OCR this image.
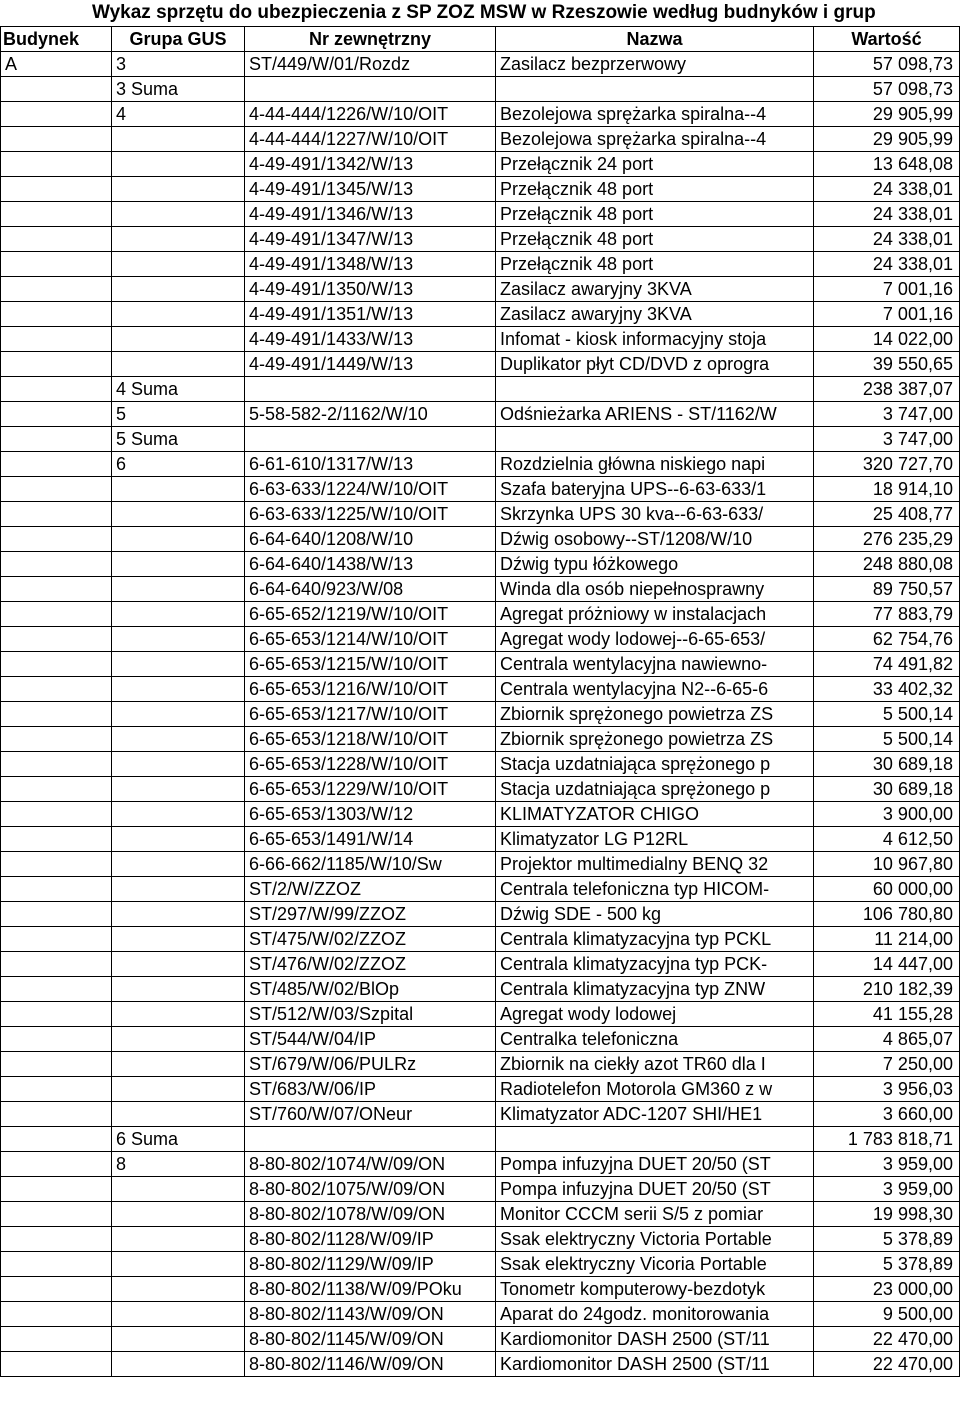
Wykaz sprzętu do ubezpieczenia z SP ZOZ MSW w Rzeszowie według budnyków i grup
Budynek	Grupa GUS	Nr zewnętrzny	Nazwa	Wartość
A	3	ST/449/W/01/Rozdz	Zasilacz bezprzerwowy	57 098,73
	3 Suma			57 098,73
	4	4-44-444/1226/W/10/OIT	Bezolejowa sprężarka spiralna--4	29 905,99
		4-44-444/1227/W/10/OIT	Bezolejowa sprężarka spiralna--4	29 905,99
		4-49-491/1342/W/13	Przełącznik 24 port	13 648,08
		4-49-491/1345/W/13	Przełącznik 48 port	24 338,01
		4-49-491/1346/W/13	Przełącznik 48 port	24 338,01
		4-49-491/1347/W/13	Przełącznik 48 port	24 338,01
		4-49-491/1348/W/13	Przełącznik 48 port	24 338,01
		4-49-491/1350/W/13	Zasilacz awaryjny 3KVA	7 001,16
		4-49-491/1351/W/13	Zasilacz awaryjny 3KVA	7 001,16
		4-49-491/1433/W/13	Infomat - kiosk informacyjny stoja	14 022,00
		4-49-491/1449/W/13	Duplikator płyt CD/DVD z oprogra	39 550,65
	4 Suma			238 387,07
	5	5-58-582-2/1162/W/10	Odśnieżarka ARIENS - ST/1162/W	3 747,00
	5 Suma			3 747,00
	6	6-61-610/1317/W/13	Rozdzielnia główna niskiego napi	320 727,70
		6-63-633/1224/W/10/OIT	Szafa bateryjna UPS--6-63-633/1	18 914,10
		6-63-633/1225/W/10/OIT	Skrzynka UPS 30 kva--6-63-633/	25 408,77
		6-64-640/1208/W/10	Dźwig osobowy--ST/1208/W/10	276 235,29
		6-64-640/1438/W/13	Dźwig typu łóżkowego	248 880,08
		6-64-640/923/W/08	Winda dla osób niepełnosprawny	89 750,57
		6-65-652/1219/W/10/OIT	Agregat próżniowy w instalacjach	77 883,79
		6-65-653/1214/W/10/OIT	Agregat wody lodowej--6-65-653/	62 754,76
		6-65-653/1215/W/10/OIT	Centrala wentylacyjna nawiewno-	74 491,82
		6-65-653/1216/W/10/OIT	Centrala wentylacyjna N2--6-65-6	33 402,32
		6-65-653/1217/W/10/OIT	Zbiornik sprężonego powietrza ZS	5 500,14
		6-65-653/1218/W/10/OIT	Zbiornik sprężonego powietrza ZS	5 500,14
		6-65-653/1228/W/10/OIT	Stacja uzdatniająca sprężonego p	30 689,18
		6-65-653/1229/W/10/OIT	Stacja uzdatniająca sprężonego p	30 689,18
		6-65-653/1303/W/12	KLIMATYZATOR CHIGO	3 900,00
		6-65-653/1491/W/14	Klimatyzator LG P12RL	4 612,50
		6-66-662/1185/W/10/Sw	Projektor multimedialny BENQ 32	10 967,80
		ST/2/W/ZZOZ	Centrala telefoniczna typ HICOM-	60 000,00
		ST/297/W/99/ZZOZ	Dźwig SDE - 500 kg	106 780,80
		ST/475/W/02/ZZOZ	Centrala klimatyzacyjna typ PCKL	11 214,00
		ST/476/W/02/ZZOZ	Centrala klimatyzacyjna typ PCK-	14 447,00
		ST/485/W/02/BlOp	Centrala klimatyzacyjna typ ZNW	210 182,39
		ST/512/W/03/Szpital	Agregat wody lodowej	41 155,28
		ST/544/W/04/IP	Centralka telefoniczna	4 865,07
		ST/679/W/06/PULRz	Zbiornik na ciekły azot TR60 dla I	7 250,00
		ST/683/W/06/IP	Radiotelefon Motorola GM360 z w	3 956,03
		ST/760/W/07/ONeur	Klimatyzator ADC-1207 SHI/HE1	3 660,00
	6 Suma			1 783 818,71
	8	8-80-802/1074/W/09/ON	Pompa infuzyjna DUET 20/50 (ST	3 959,00
		8-80-802/1075/W/09/ON	Pompa infuzyjna DUET 20/50 (ST	3 959,00
		8-80-802/1078/W/09/ON	Monitor CCCM serii S/5 z pomiar	19 998,30
		8-80-802/1128/W/09/IP	Ssak elektryczny Victoria Portable	5 378,89
		8-80-802/1129/W/09/IP	Ssak elektryczny Vicoria Portable	5 378,89
		8-80-802/1138/W/09/POku	Tonometr komputerowy-bezdotyk	23 000,00
		8-80-802/1143/W/09/ON	Aparat do 24godz. monitorowania	9 500,00
		8-80-802/1145/W/09/ON	Kardiomonitor DASH 2500 (ST/11	22 470,00
		8-80-802/1146/W/09/ON	Kardiomonitor DASH 2500 (ST/11	22 470,00
